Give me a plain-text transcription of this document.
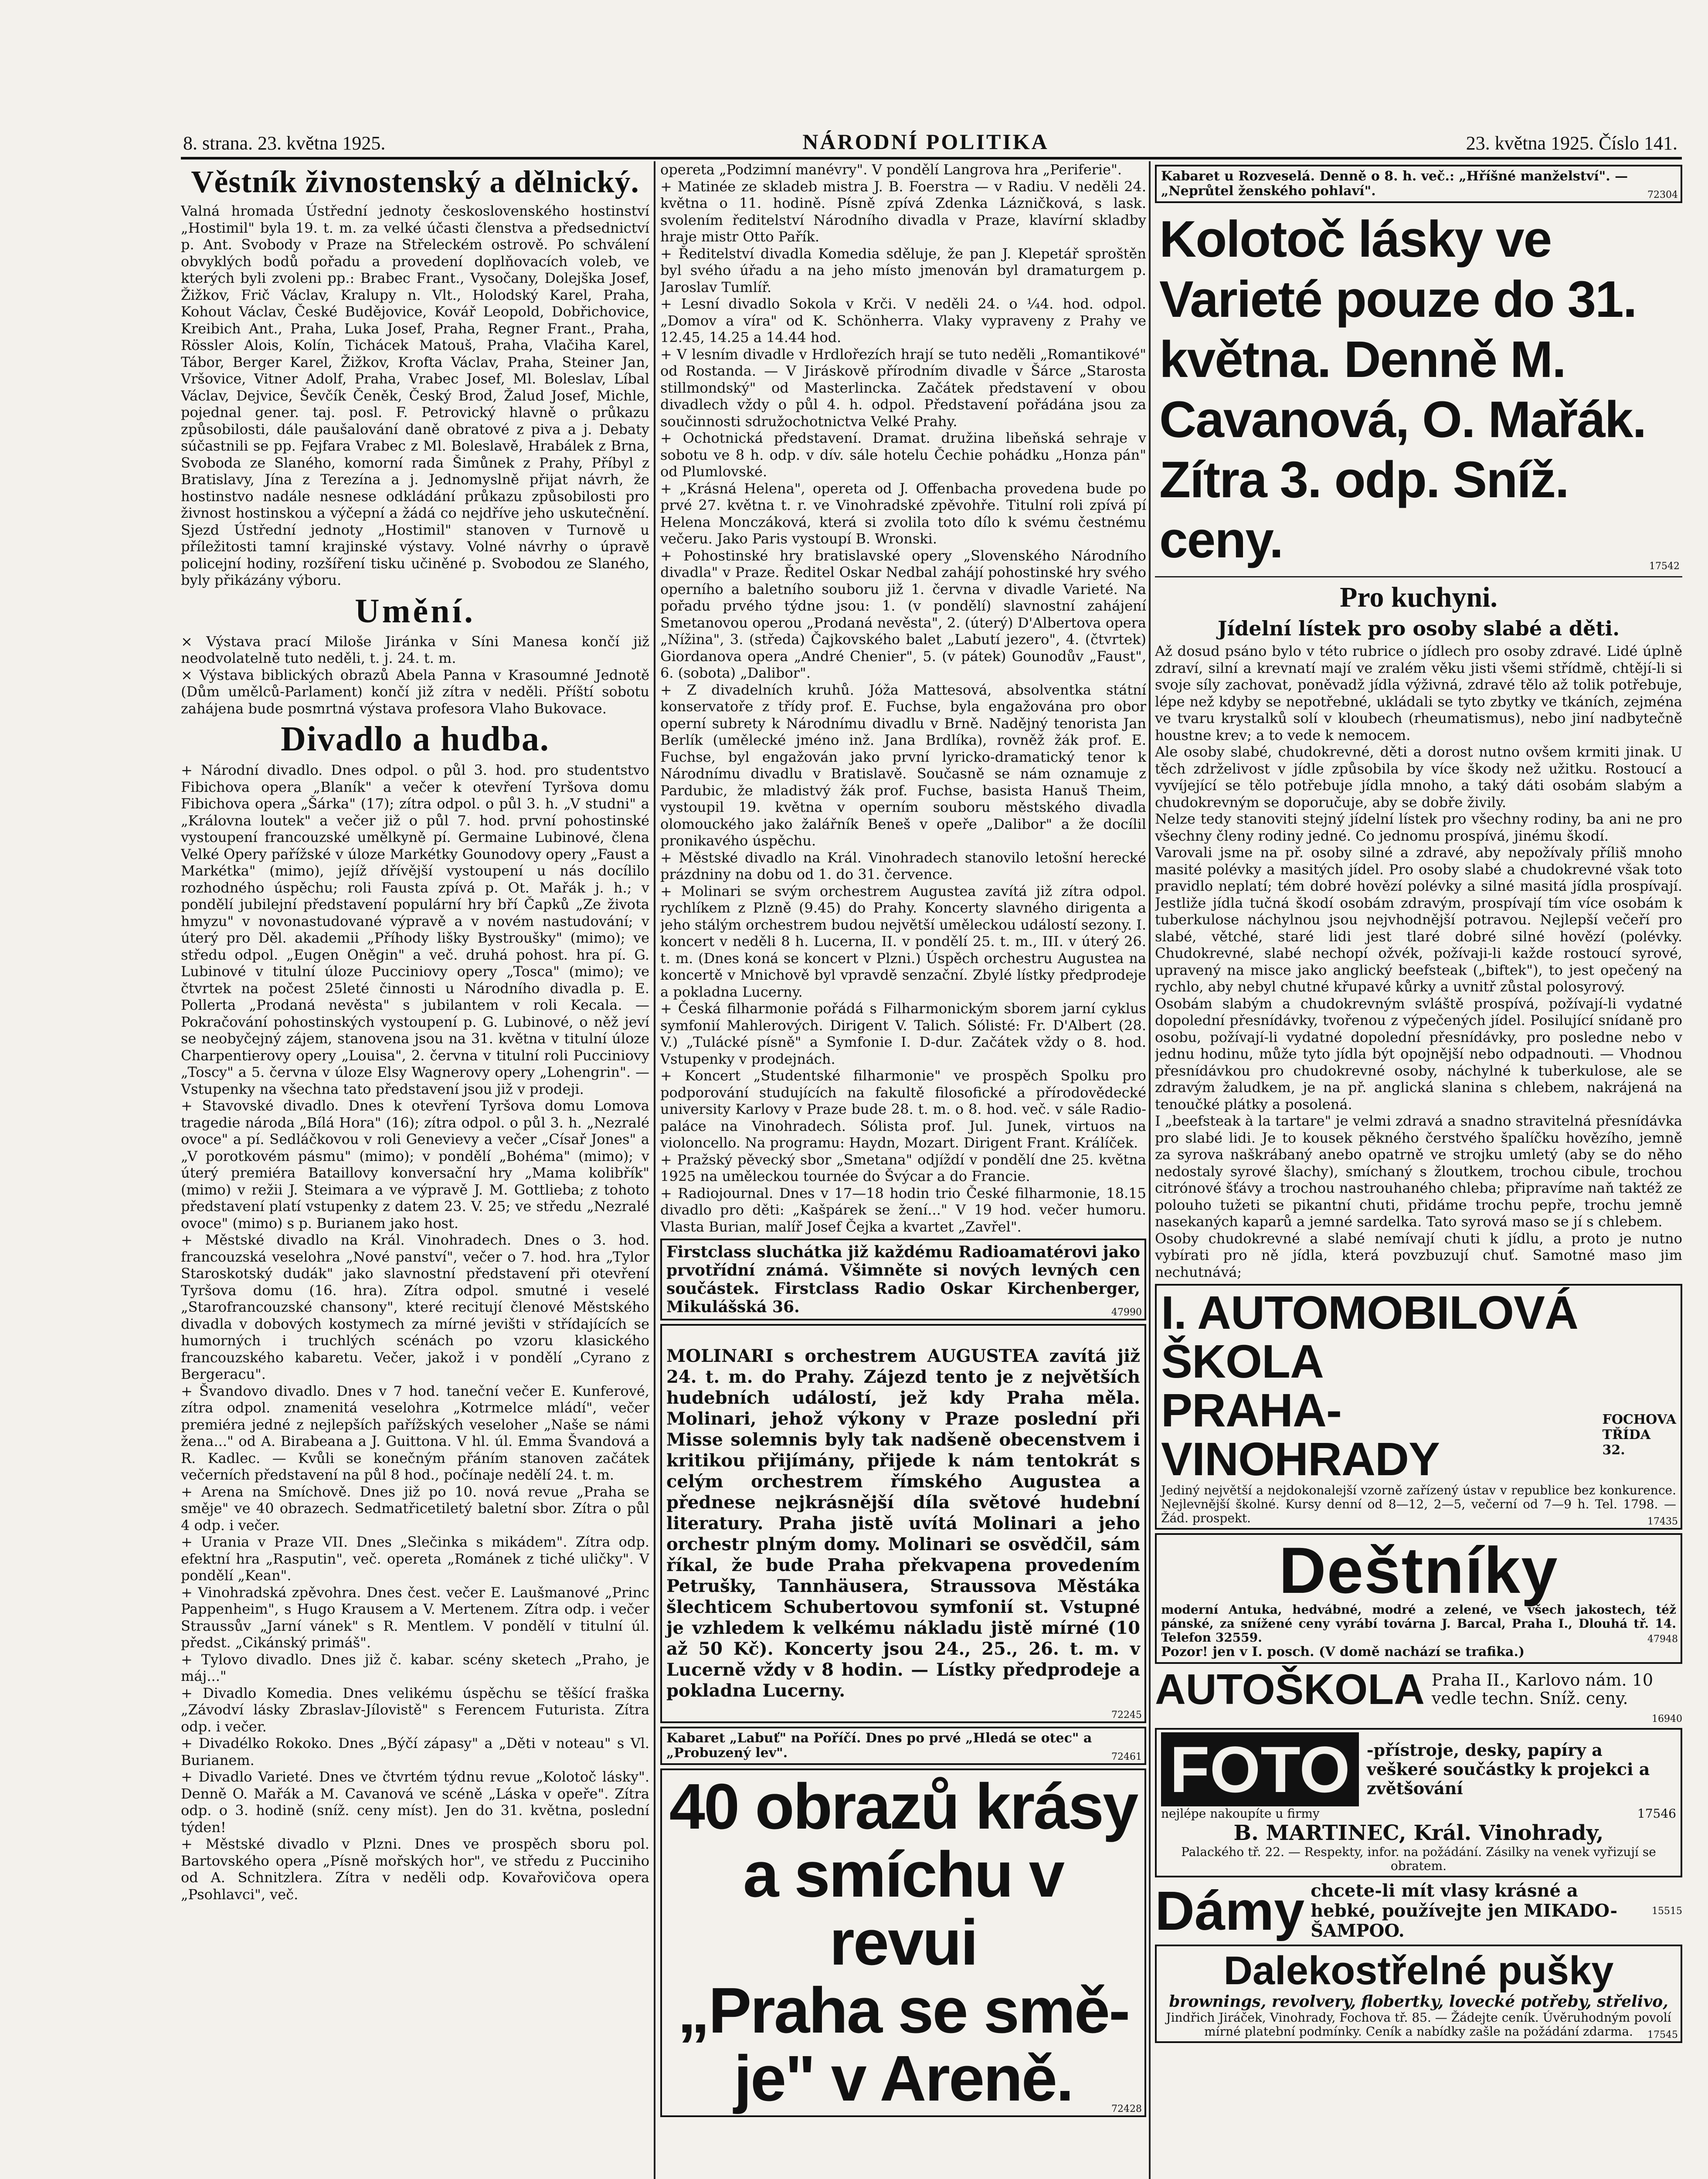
8. strana. 23. května 1925.	NÁRODNÍ POLITIKA	23. května 1925. Číslo 141.
Věstník živnostenský a dělnický.

Valná hromada Ústřední jednoty československého hostinství „Hostimil" byla 19. t. m. za velké účasti členstva a předsednictví p. Ant. Svobody v Praze na Střeleckém ostrově. Po schválení obvyklých bodů pořadu a provedení doplňovacích voleb, ve kterých byli zvoleni pp.: Brabec Frant., Vysočany, Dolejška Josef, Žižkov, Frič Václav, Kralupy n. Vlt., Holodský Karel, Praha, Kohout Václav, České Budějovice, Kovář Leopold, Dobřichovice, Kreibich Ant., Praha, Luka Josef, Praha, Regner Frant., Praha, Rössler Alois, Kolín, Tichácek Matouš, Praha, Vlačiha Karel, Tábor, Berger Karel, Žižkov, Krofta Václav, Praha, Steiner Jan, Vršovice, Vitner Adolf, Praha, Vrabec Josef, Ml. Boleslav, Líbal Václav, Dejvice, Ševčík Čeněk, Český Brod, Žalud Josef, Michle, pojednal gener. taj. posl. F. Petrovický hlavně o průkazu způsobilosti, dále paušalování daně obratové z piva a j. Debaty súčastnili se pp. Fejfara Vrabec z Ml. Boleslavě, Hrabálek z Brna, Svoboda ze Slaného, komorní rada Šimůnek z Prahy, Příbyl z Bratislavy, Jína z Terezína a j. Jednomyslně přijat návrh, že hostinstvo nadále nesnese odkládání průkazu způsobilosti pro živnost hostinskou a výčepní a žádá co nejdříve jeho uskutečnění. Sjezd Ústřední jednoty „Hostimil" stanoven v Turnově u příležitosti tamní krajinské výstavy. Volné návrhy o úpravě policejní hodiny, rozšíření tisku učiněné p. Svobodou ze Slaného, byly přikázány výboru.

Umění.

× Výstava prací Miloše Jiránka v Síni Manesa končí již neodvolatelně tuto neděli, t. j. 24. t. m.

× Výstava biblických obrazů Abela Panna v Krasoumné Jednotě (Dům umělců-Parlament) končí již zítra v neděli. Příští sobotu zahájena bude posmrtná výstava profesora Vlaho Bukovace.

Divadlo a hudba.

+ Národní divadlo. Dnes odpol. o půl 3. hod. pro studentstvo Fibichova opera „Blaník" a večer k otevření Tyršova domu Fibichova opera „Šárka" (17); zítra odpol. o půl 3. h. „V studni" a „Královna loutek" a večer již o půl 7. hod. první pohostinské vystoupení francouzské umělkyně pí. Germaine Lubinové, člena Velké Opery pařížské v úloze Markétky Gounodovy opery „Faust a Markétka" (mimo), jejíž dřívější vystoupení u nás docílilo rozhodného úspěchu; roli Fausta zpívá p. Ot. Mařák j. h.; v pondělí jubilejní představení populární hry bří Čapků „Ze života hmyzu" v novonastudované výpravě a v novém nastudování; v úterý pro Děl. akademii „Příhody lišky Bystroušky" (mimo); ve středu odpol. „Eugen Oněgin" a več. druhá pohost. hra pí. G. Lubinové v titulní úloze Pucciniovy opery „Tosca" (mimo); ve čtvrtek na počest 25leté činnosti u Národního divadla p. E. Pollerta „Prodaná nevěsta" s jubilantem v roli Kecala. — Pokračování pohostinských vystoupení p. G. Lubinové, o něž jeví se neobyčejný zájem, stanovena jsou na 31. května v titulní úloze Charpentierovy opery „Louisa", 2. června v titulní roli Pucciniovy „Toscy" a 5. června v úloze Elsy Wagnerovy opery „Lohengrin". — Vstupenky na všechna tato představení jsou již v prodeji.

+ Stavovské divadlo. Dnes k otevření Tyršova domu Lomova tragedie národa „Bílá Hora" (16); zítra odpol. o půl 3. h. „Nezralé ovoce" a pí. Sedláčkovou v roli Genevievy a večer „Císař Jones" a „V porotkovém pásmu" (mimo); v pondělí „Bohéma" (mimo); v úterý premiéra Bataillovy konversační hry „Mama kolibřík" (mimo) v režii J. Steimara a ve výpravě J. M. Gottlieba; z tohoto představení platí vstupenky z datem 23. V. 25; ve středu „Nezralé ovoce" (mimo) s p. Burianem jako host.

+ Městské divadlo na Král. Vinohradech. Dnes o 3. hod. francouzská veselohra „Nové panství", večer o 7. hod. hra „Tylor Staroskotský dudák" jako slavnostní představení při otevření Tyršova domu (16. hra). Zítra odpol. smutné i veselé „Starofrancouzské chansony", které recitují členové Městského divadla v dobových kostymech za mírné jevišti v střídajících se humorných i truchlých scénách po vzoru klasického francouzského kabaretu. Večer, jakož i v pondělí „Cyrano z Bergeracu".

+ Švandovo divadlo. Dnes v 7 hod. taneční večer E. Kunferové, zítra odpol. znamenitá veselohra „Kotrmelce mládí", večer premiéra jedné z nejlepších pařížských veseloher „Naše se námi žena..." od A. Birabeana a J. Guittona. V hl. úl. Emma Švandová a R. Kadlec. — Kvůli se konečným přáním stanoven začátek večerních představení na půl 8 hod., počínaje nedělí 24. t. m.

+ Arena na Smíchově. Dnes již po 10. nová revue „Praha se směje" ve 40 obrazech. Sedmatřicetiletý baletní sbor. Zítra o půl 4 odp. i večer.

+ Urania v Praze VII. Dnes „Slečinka s mikádem". Zítra odp. efektní hra „Rasputin", več. opereta „Románek z tiché uličky". V pondělí „Kean".

+ Vinohradská zpěvohra. Dnes čest. večer E. Laušmanové „Princ Pappenheim", s Hugo Krausem a V. Mertenem. Zítra odp. i večer Straussův „Jarní vánek" s R. Mentlem. V pondělí v titulní úl. předst. „Cikánský primáš".

+ Tylovo divadlo. Dnes již č. kabar. scény sketech „Praho, je máj..."

+ Divadlo Komedia. Dnes velikému úspěchu se těšící fraška „Závodví lásky Zbraslav-Jílovistě" s Ferencem Futurista. Zítra odp. i večer.

+ Divadélko Rokoko. Dnes „Býčí zápasy" a „Děti v noteau" s Vl. Burianem.

+ Divadlo Varieté. Dnes ve čtvrtém týdnu revue „Kolotoč lásky". Denně O. Mařák a M. Cavanová ve scéně „Láska v opeře". Zítra odp. o 3. hodině (sníž. ceny míst). Jen do 31. května, poslední týden!

+ Městské divadlo v Plzni. Dnes ve prospěch sboru pol. Bartovského opera „Písně mořských hor", ve středu z Pucciniho od A. Schnitzlera. Zítra v neděli odp. Kovařovičova opera „Psohlavci", več.

opereta „Podzimní manévry". V pondělí Langrova hra „Periferie".

+ Matinée ze skladeb mistra J. B. Foerstra — v Radiu. V neděli 24. května o 11. hodině. Písně zpívá Zdenka Lázničková, s lask. svolením ředitelství Národního divadla v Praze, klavírní skladby hraje mistr Otto Pařík.

+ Ředitelství divadla Komedia sděluje, že pan J. Klepetář sproštěn byl svého úřadu a na jeho místo jmenován byl dramaturgem p. Jaroslav Tumlíř.

+ Lesní divadlo Sokola v Krči. V neděli 24. o ¼4. hod. odpol. „Domov a víra" od K. Schönherra. Vlaky vypraveny z Prahy ve 12.45, 14.25 a 14.44 hod.

+ V lesním divadle v Hrdlořezích hrají se tuto neděli „Romantikové" od Rostanda. — V Jiráskově přírodním divadle v Šárce „Starosta stillmondský" od Masterlincka. Začátek představení v obou divadlech vždy o půl 4. h. odpol. Představení pořádána jsou za součinnosti sdružochotnictva Velké Prahy.

+ Ochotnická představení. Dramat. družina libeňská sehraje v sobotu ve 8 h. odp. v dív. sále hotelu Čechie pohádku „Honza pán" od Plumlovské.

+ „Krásná Helena", opereta od J. Offenbacha provedena bude po prvé 27. května t. r. ve Vinohradské zpěvohře. Titulní roli zpívá pí Helena Monczáková, která si zvolila toto dílo k svému čestnému večeru. Jako Paris vystoupí B. Wronski.

+ Pohostinské hry bratislavské opery „Slovenského Národního divadla" v Praze. Ředitel Oskar Nedbal zahájí pohostinské hry svého operního a baletního souboru již 1. června v divadle Varieté. Na pořadu prvého týdne jsou: 1. (v pondělí) slavnostní zahájení Smetanovou operou „Prodaná nevěsta", 2. (úterý) D'Albertova opera „Nížina", 3. (středa) Čajkovského balet „Labutí jezero", 4. (čtvrtek) Giordanova opera „André Chenier", 5. (v pátek) Gounodův „Faust", 6. (sobota) „Dalibor".

+ Z divadelních kruhů. Jóža Mattesová, absolventka státní konservatoře z třídy prof. E. Fuchse, byla engažována pro obor operní subrety k Národnímu divadlu v Brně. Nadějný tenorista Jan Berlík (umělecké jméno inž. Jana Brdlíka), rovněž žák prof. E. Fuchse, byl engažován jako první lyricko-dramatický tenor k Národnímu divadlu v Bratislavě. Současně se nám oznamuje z Pardubic, že mladistvý žák prof. Fuchse, basista Hanuš Theim, vystoupil 19. května v operním souboru městského divadla olomouckého jako žalářník Beneš v opeře „Dalibor" a že docílil pronikavého úspěchu.

+ Městské divadlo na Král. Vinohradech stanovilo letošní herecké prázdniny na dobu od 1. do 31. července.

+ Molinari se svým orchestrem Augustea zavítá již zítra odpol. rychlíkem z Plzně (9.45) do Prahy. Koncerty slavného dirigenta a jeho stálým orchestrem budou největší uměleckou událostí sezony. I. koncert v neděli 8 h. Lucerna, II. v pondělí 25. t. m., III. v úterý 26. t. m. (Dnes koná se koncert v Plzni.) Úspěch orchestru Augustea na koncertě v Mnichově byl vpravdě senzační. Zbylé lístky předprodeje a pokladna Lucerny.

+ Česká filharmonie pořádá s Filharmonickým sborem jarní cyklus symfonií Mahlerových. Dirigent V. Talich. Sólisté: Fr. D'Albert (28. V.) „Tulácké písně" a Symfonie I. D-dur. Začátek vždy o 8. hod. Vstupenky v prodejnách.

+ Koncert „Studentské filharmonie" ve prospěch Spolku pro podporování studujících na fakultě filosofické a přírodovědecké university Karlovy v Praze bude 28. t. m. o 8. hod. več. v sále Radio-paláce na Vinohradech. Sólista prof. Jul. Junek, virtuos na violoncello. Na programu: Haydn, Mozart. Dirigent Frant. Králíček.

+ Pražský pěvecký sbor „Smetana" odjíždí v pondělí dne 25. května 1925 na uměleckou tournée do Švýcar a do Francie.

+ Radiojournal. Dnes v 17—18 hodin trio České filharmonie, 18.15 divadlo pro děti: „Kašpárek se žení..." V 19 hod. večer humoru. Vlasta Burian, malíř Josef Čejka a kvartet „Zavřel".

Firstclass sluchátka již každému Radioamatérovi jako prvotřídní známá. Všimněte si nových levných cen součástek. Firstclass Radio Oskar Kirchenberger, Mikulášská 36.	47990

MOLINARI s orchestrem AUGUSTEA zavítá již 24. t. m. do Prahy. Zájezd tento je z největších hudebních událostí, jež kdy Praha měla. Molinari, jehož výkony v Praze poslední při Misse solemnis byly tak nadšeně obecenstvem i kritikou přijímány, přijede k nám tentokrát s celým orchestrem římského Augustea a přednese nejkrásnější díla světové hudební literatury. Praha jistě uvítá Molinari a jeho orchestr plným domy. Molinari se osvědčil, sám říkal, že bude Praha překvapena provedením Petrušky, Tannhäusera, Straussova Městáka šlechticem Schubertovou symfonií st. Vstupné je vzhledem k velkému nákladu jistě mírné (10 až 50 Kč). Koncerty jsou 24., 25., 26. t. m. v Lucerně vždy v 8 hodin. — Lístky předprodeje a pokladna Lucerny.

72245
Kabaret „Labuť" na Poříčí. Dnes po prvé „Hledá se otec" a „Probuzený lev".	72461
40 obrazů krásy
a smíchu v revui
„Praha se smě-
je" v Areně.	72428
Kabaret u Rozveselá. Denně o 8. h. več.: „Hříšné manželství". — „Neprůtel ženského pohlaví".	72304
Kolotoč lásky ve Varieté pouze do 31. května. Denně M. Cavanová, O. Mařák. Zítra 3. odp. Sníž. ceny.	17542
Pro kuchyni.
Jídelní lístek pro osoby slabé a děti.

Až dosud psáno bylo v této rubrice o jídlech pro osoby zdravé. Lidé úplně zdraví, silní a krevnatí mají ve zralém věku jisti všemi střídmě, chtějí-li si svoje síly zachovat, poněvadž jídla výživná, zdravé tělo až tolik potřebuje, lépe než kdyby se nepotřebné, ukládali se tyto zbytky ve tkáních, zejména ve tvaru krystalků solí v kloubech (rheumatismus), nebo jiní nadbytečně houstne krev; a to vede k nemocem.

Ale osoby slabé, chudokrevné, děti a dorost nutno ovšem krmiti jinak. U těch zdrželivost v jídle způsobila by více škody než užitku. Rostoucí a vyvíjející se tělo potřebuje jídla mnoho, a taký dáti osobám slabým a chudokrevným se doporučuje, aby se dobře živily.

Nelze tedy stanoviti stejný jídelní lístek pro všechny rodiny, ba ani ne pro všechny členy rodiny jedné. Co jednomu prospívá, jinému škodí.

Varovali jsme na př. osoby silné a zdravé, aby nepožívaly příliš mnoho masité polévky a masitých jídel. Pro osoby slabé a chudokrevné však toto pravidlo neplatí; tém dobré hovězí polévky a silné masitá jídla prospívají. Jestliže jídla tučná škodí osobám zdravým, prospívají tím více osobám k tuberkulose náchylnou jsou nejvhodnější potravou. Nejlepší večeří pro slabé, větché, staré lidi jest tlaré dobré silné hovězí (polévky. Chudokrevné, slabé nechopí ožvék, požívaji-li každe rostoucí syrové, upravený na misce jako anglický beefsteak („biftek"), to jest opečený na rychlo, aby nebyl chutné křupavé kůrky a uvnitř zůstal polosyrový.

Osobám slabým a chudokrevným svláště prospívá, požívají-li vydatné dopolední přesnídávky, tvořenou z výpečených jídel. Posilující snídaně pro osobu, požívají-li vydatné dopolední přesnídávky, pro posledne nebo v jednu hodinu, může tyto jídla být opojnější nebo odpadnouti. — Vhodnou přesnídávkou pro chudokrevné osoby, náchylné k tuberkulose, ale se zdravým žaludkem, je na př. anglická slanina s chlebem, nakrájená na tenoučké plátky a posolená.

I „beefsteak à la tartare" je velmi zdravá a snadno stravitelná přesnídávka pro slabé lidi. Je to kousek pěkného čerstvého špalíčku hovězího, jemně za syrova naškrábaný anebo opatrně ve strojku umletý (aby se do něho nedostaly syrové šlachy), smíchaný s žloutkem, trochou cibule, trochou citrónové šťávy a trochou nastrouhaného chleba; připravíme naň taktéž ze polouho tužeti se pikantní chuti, přidáme trochu pepře, trochu jemně nasekaných kaparů a jemné sardelka. Tato syrová maso se jí s chlebem.

Osoby chudokrevné a slabé nemívají chuti k jídlu, a proto je nutno vybírati pro ně jídla, která povzbuzují chuť. Samotné maso jim nechutnává;

I. AUTOMOBILOVÁ ŠKOLA
PRAHA-VINOHRADY
FOCHOVA TŘÍDA 32.

Jediný největší a nejdokonalejší vzorně zařízený ústav v republice bez konkurence. Nejlevnější školné. Kursy denní od 8—12, 2—5, večerní od 7—9 h. Tel. 1798. — Žád. prospekt.	17435
Deštníky

moderní Antuka, hedvábné, modré a zelené, ve všech jakostech, též pánské, za snížené ceny vyrábí továrna J. Barcal, Praha I., Dlouhá tř. 14. Telefon 32559.

Pozor! jen v I. posch. (V domě nachází se trafika.)
47948
AUTOŠKOLA Praha II., Karlovo nám. 10 vedle techn. Sníž. ceny.
16940
FOTO	-přístroje, desky, papíry a veškeré součástky k projekci a zvětšování
nejlépe nakoupíte u firmy	17546
B. MARTINEC, Král. Vinohrady,
Palackého tř. 22. — Respekty, infor. na požádání. Zásilky na venek vyřizují se obratem.
Dámy chcete-li mít vlasy krásné a hebké, používejte jen MIKADO-ŠAMPOO.
15515
Dalekostřelné pušky
brownings, revolvery, flobertky, lovecké potřeby, střelivo,
Jindřich Jiráček, Vinohrady, Fochova tř. 85. — Žádejte ceník. Úvěruhodným povolí mírné platební podmínky. Ceník a nabídky zašle na požádání zdarma.	17545
